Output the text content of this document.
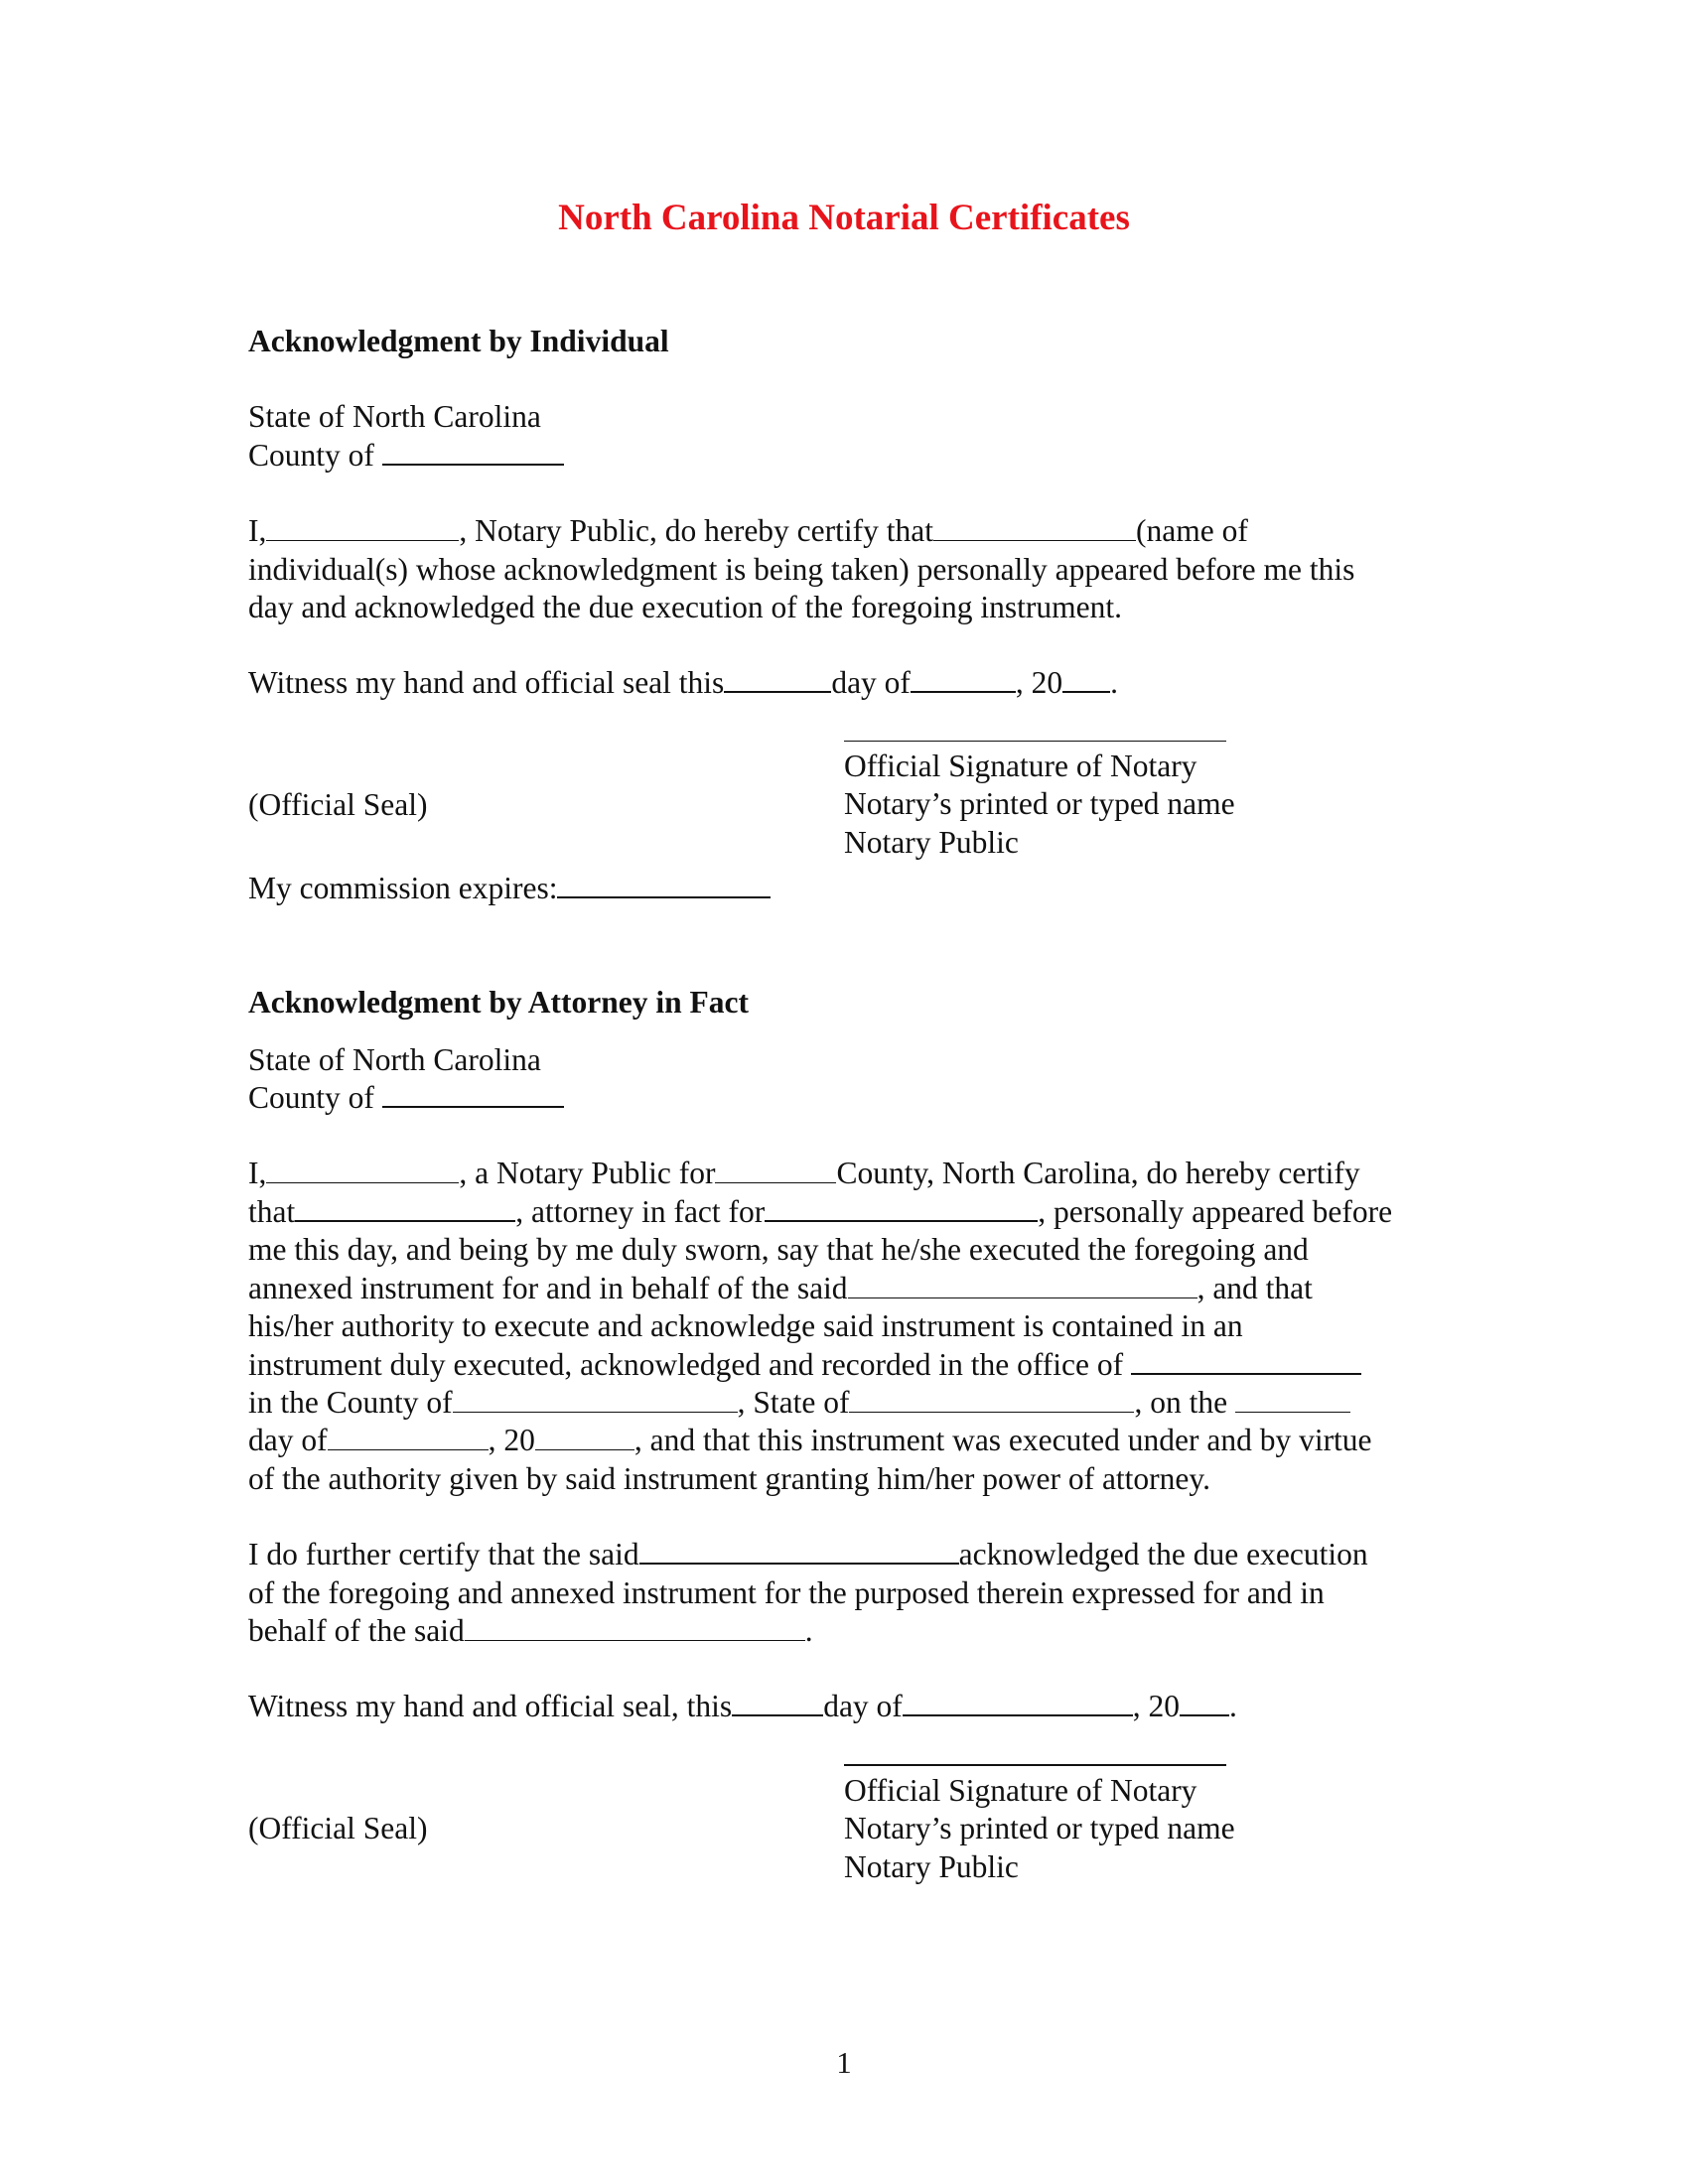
North Carolina Notarial Certificates

Acknowledgment by Individual

State of North Carolina

County of

I,	, Notary Public, do hereby certify that	(name of
individual(s) whose acknowledgment is being taken) personally appeared before me this
day and acknowledged the due execution of the foregoing instrument.

Witness my hand and official seal this	day of	, 20 .

(Official Seal)
Official Signature of Notary
Notary’s printed or typed name
Notary Public

My commission expires:

Acknowledgment by Attorney in Fact

State of North Carolina

County of

I,	, a Notary Public for	County, North Carolina, do hereby certify
that	, attorney in fact for	, personally appeared before
me this day, and being by me duly sworn, say that he/she executed the foregoing and
annexed instrument for and in behalf of the said	, and that
his/her authority to execute and acknowledge said instrument is contained in an
instrument duly executed, acknowledged and recorded in the office of
in the County of	, State of	, on the
day of	, 20	, and that this instrument was executed under and by virtue
of the authority given by said instrument granting him/her power of attorney.

I do further certify that the said	acknowledged the due execution
of the foregoing and annexed instrument for the purposed therein expressed for and in
behalf of the said	.

Witness my hand and official seal, this	day of	, 20 .

(Official Seal)
Official Signature of Notary
Notary’s printed or typed name
Notary Public
1
